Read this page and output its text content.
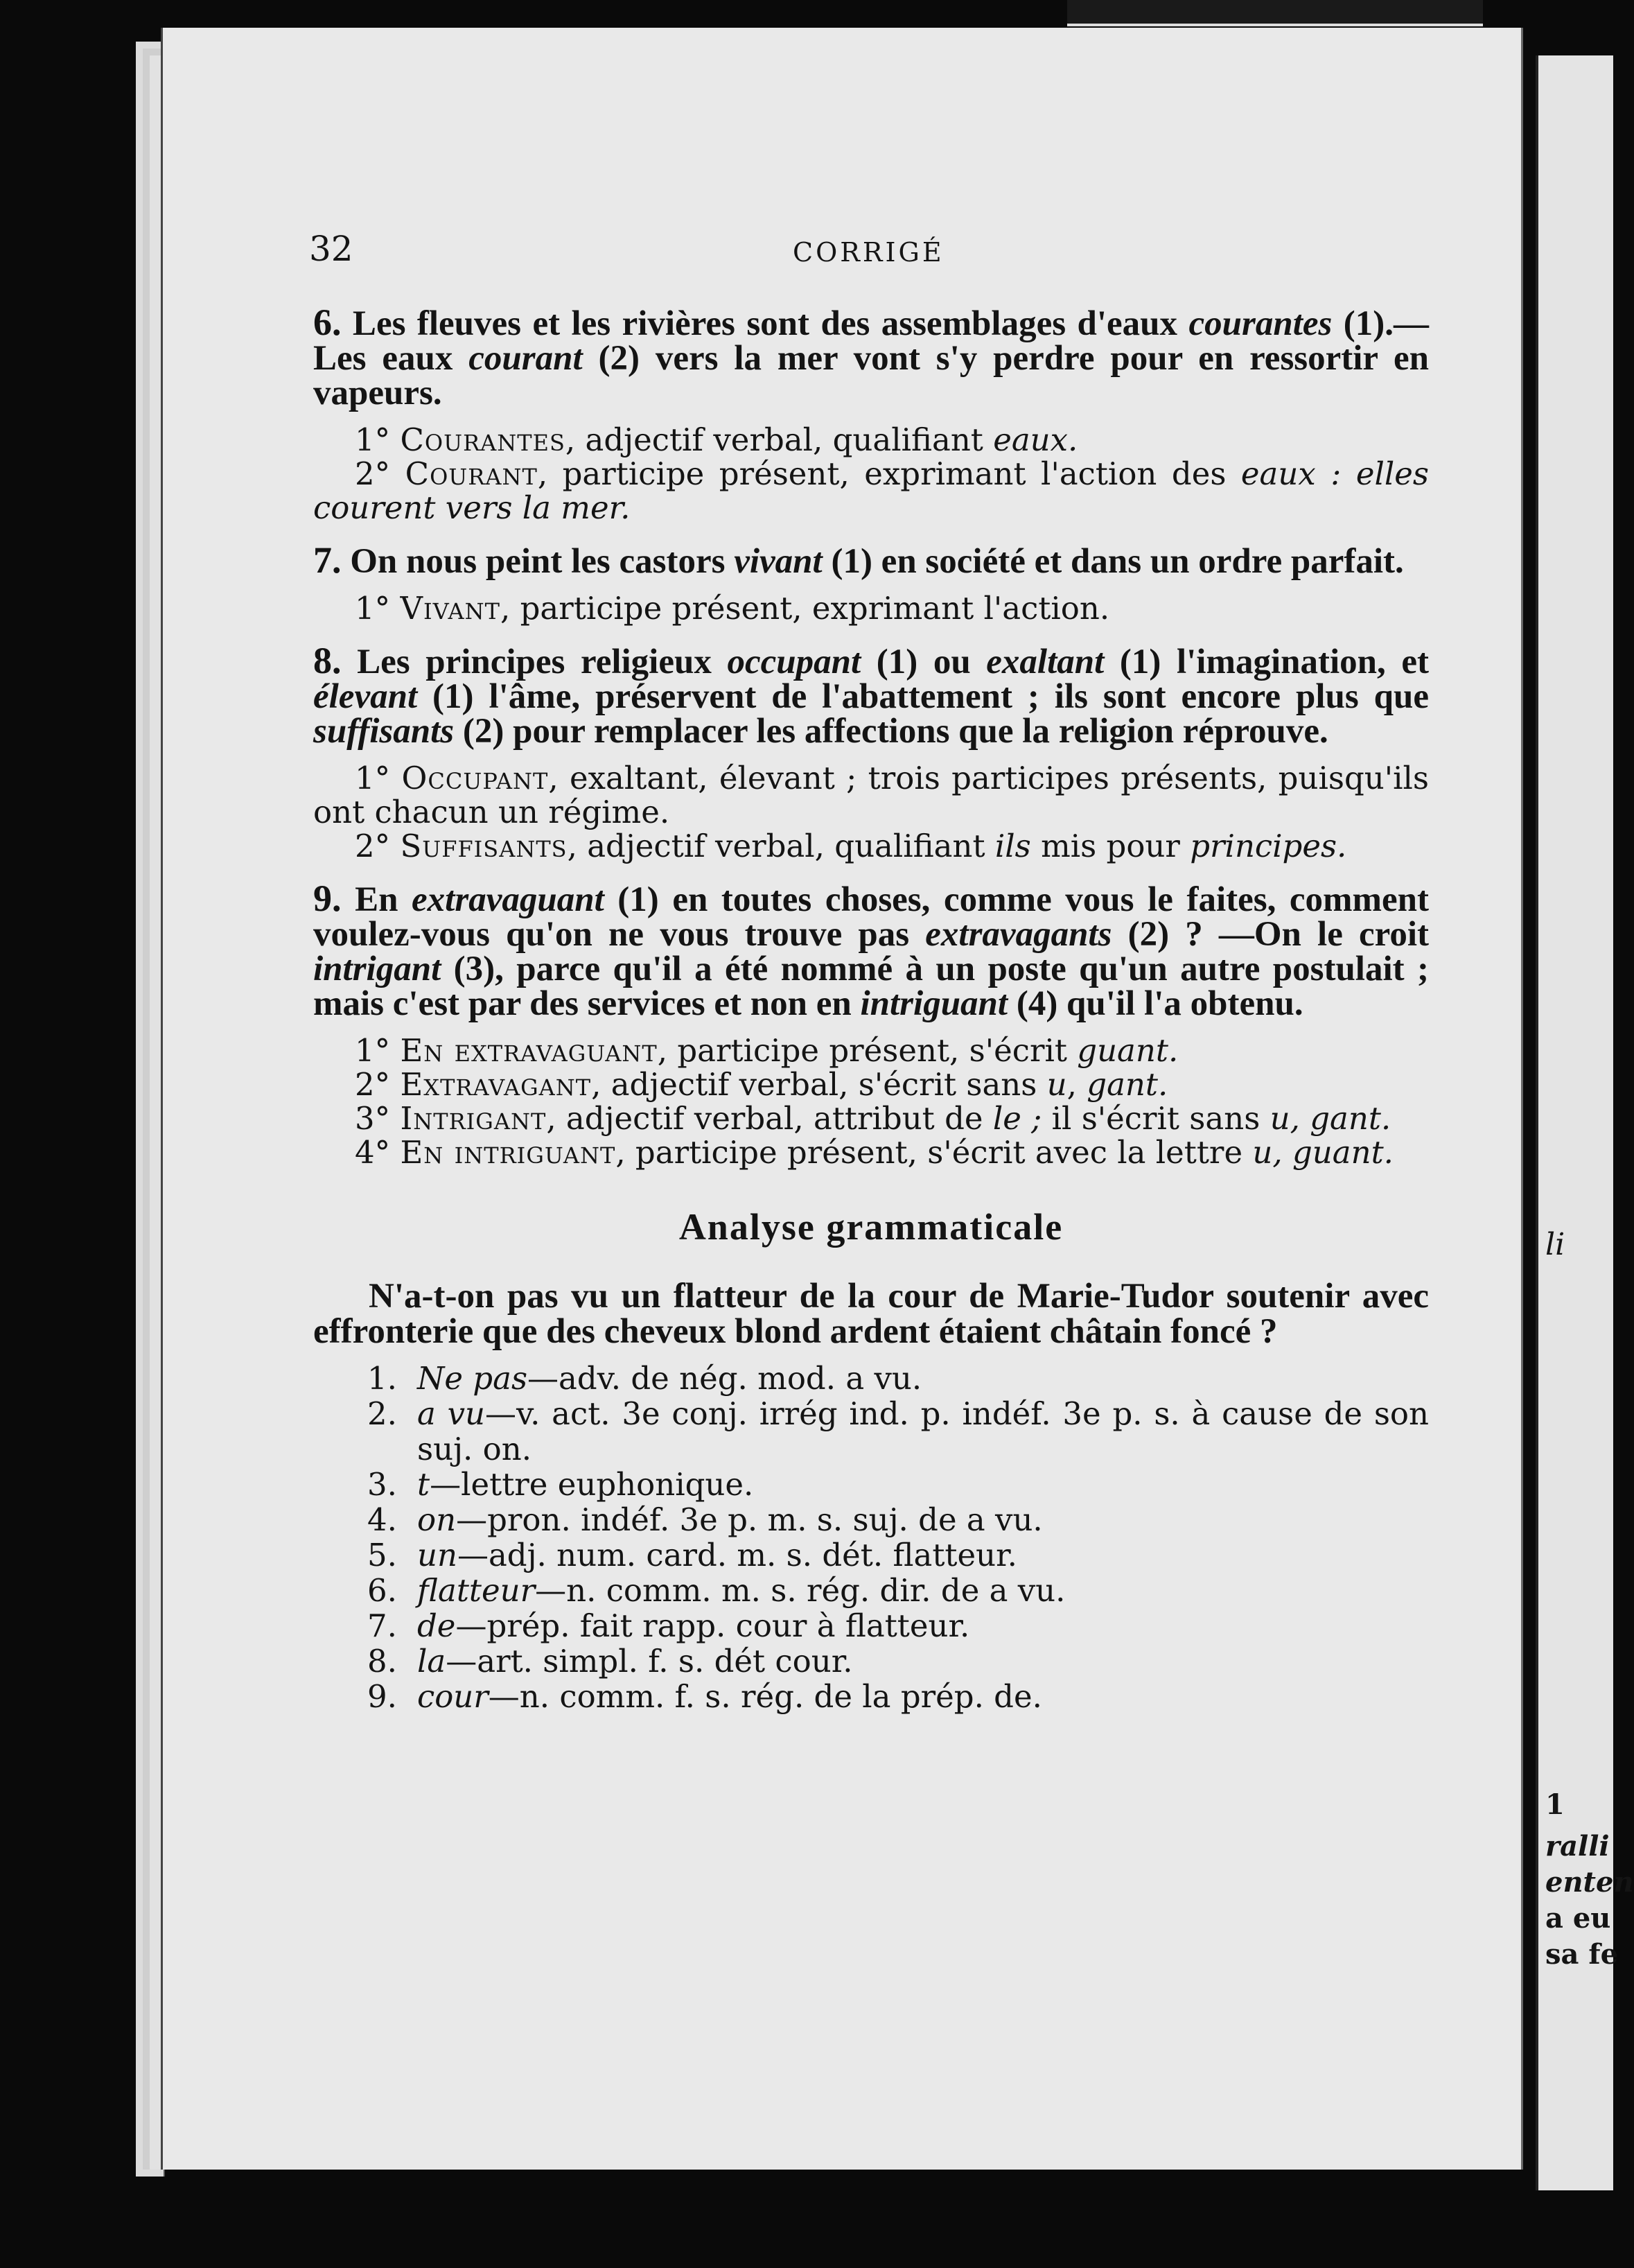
li
1
ralli
enten
a eu
sa fe
32	CORRIGÉ

6. Les fleuves et les rivières sont des assemblages d'eaux courantes (1).—Les eaux courant (2) vers la mer vont s'y perdre pour en ressortir en vapeurs.

1° Courantes, adjectif verbal, qualifiant eaux.

2° Courant, participe présent, exprimant l'action des eaux : elles courent vers la mer.

7. On nous peint les castors vivant (1) en société et dans un ordre parfait.

1° Vivant, participe présent, exprimant l'action.

8. Les principes religieux occupant (1) ou exaltant (1) l'imagination, et élevant (1) l'âme, préservent de l'abattement ; ils sont encore plus que suffisants (2) pour remplacer les affections que la religion réprouve.

1° Occupant, exaltant, élevant ; trois participes présents, puisqu'ils ont chacun un régime.

2° Suffisants, adjectif verbal, qualifiant ils mis pour principes.

9. En extravaguant (1) en toutes choses, comme vous le faites, comment voulez-vous qu'on ne vous trouve pas extravagants (2) ? —On le croit intrigant (3), parce qu'il a été nommé à un poste qu'un autre postulait ; mais c'est par des services et non en intriguant (4) qu'il l'a obtenu.

1° En extravaguant, participe présent, s'écrit guant.

2° Extravagant, adjectif verbal, s'écrit sans u, gant.

3° Intrigant, adjectif verbal, attribut de le ; il s'écrit sans u, gant.

4° En intriguant, participe présent, s'écrit avec la lettre u, guant.

Analyse grammaticale

N'a-t-on pas vu un flatteur de la cour de Marie-Tudor soutenir avec effronterie que des cheveux blond ardent étaient châtain foncé ?

1. Ne pas—adv. de nég. mod. a vu.
2. a vu—v. act. 3e conj. irrég ind. p. indéf. 3e p. s. à cause de son suj. on.
3. t—lettre euphonique.
4. on—pron. indéf. 3e p. m. s. suj. de a vu.
5. un—adj. num. card. m. s. dét. flatteur.
6. flatteur—n. comm. m. s. rég. dir. de a vu.
7. de—prép. fait rapp. cour à flatteur.
8. la—art. simpl. f. s. dét cour.
9. cour—n. comm. f. s. rég. de la prép. de.
